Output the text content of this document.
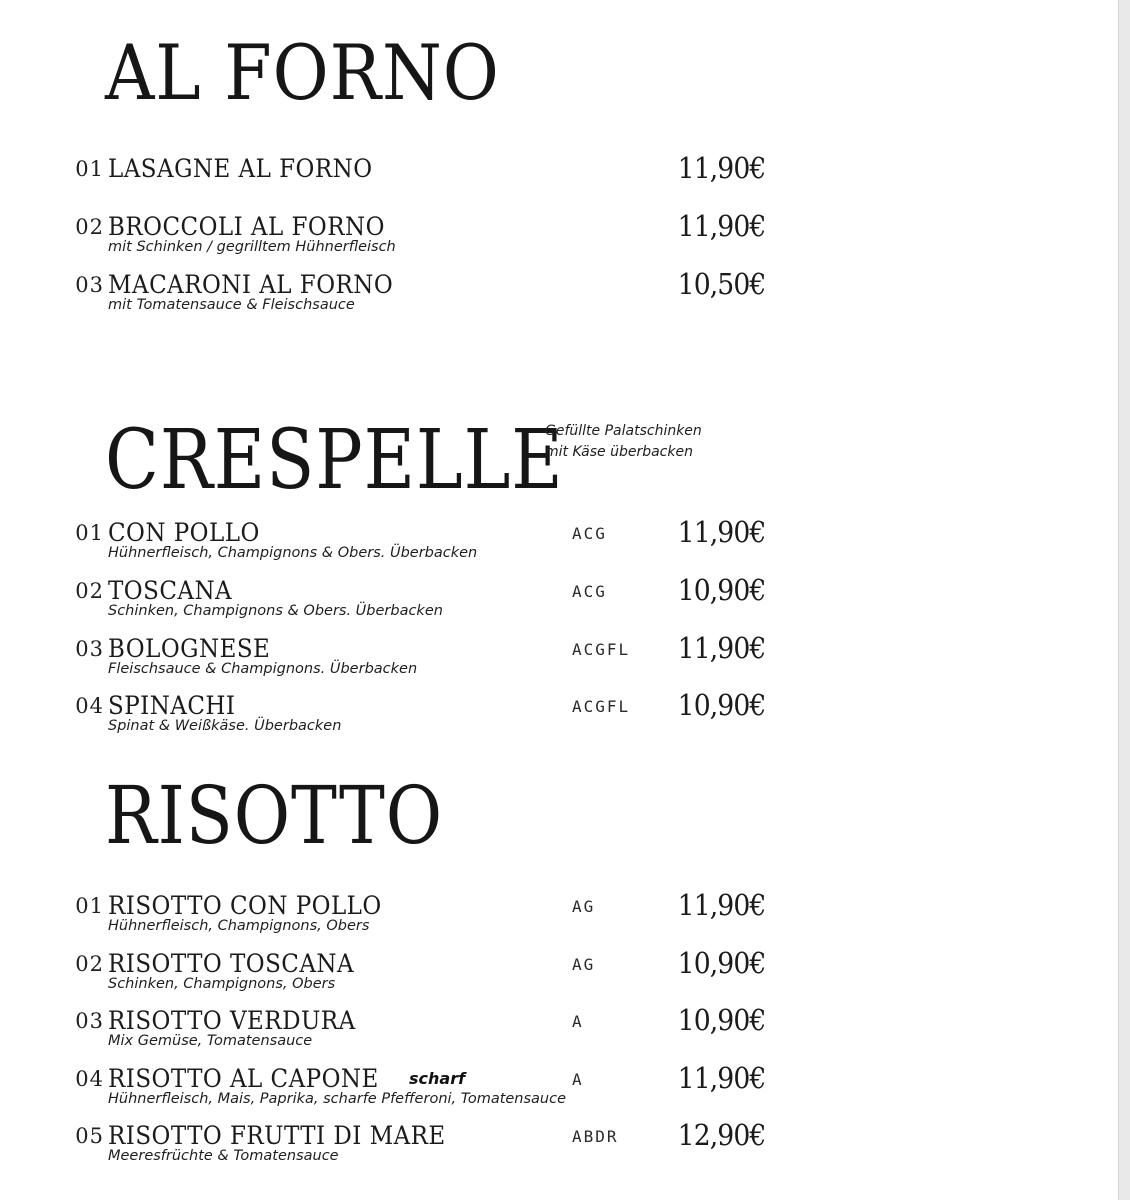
AL FORNO
01 LASAGNE AL FORNO	11,90€
02 BROCCOLI AL FORNO
mit Schinken / gegrilltem Hühnerfleisch
11,90€
03 MACARONI AL FORNO
mit Tomatensauce & Fleischsauce
10,50€
CRESPELLE
Gefüllte Palatschinken
mit Käse überbacken
01 CON POLLO
Hühnerfleisch, Champignons & Obers. Überbacken
ACG 11,90€
02 TOSCANA
Schinken, Champignons & Obers. Überbacken
ACG 10,90€
03 BOLOGNESE
Fleischsauce & Champignons. Überbacken
ACGFL 11,90€
04 SPINACHI
Spinat & Weißkäse. Überbacken
ACGFL 10,90€
RISOTTO
01 RISOTTO CON POLLO
Hühnerfleisch, Champignons, Obers
AG	11,90€
02 RISOTTO TOSCANA
Schinken, Champignons, Obers
AG	10,90€
03 RISOTTO VERDURA
Mix Gemüse, Tomatensauce
A	10,90€
04 RISOTTO AL CAPONE scharf
Hühnerfleisch, Mais, Paprika, scharfe Pfefferoni, Tomatensauce
A	11,90€
05 RISOTTO FRUTTI DI MARE
Meeresfrüchte & Tomatensauce
ABDR 12,90€
